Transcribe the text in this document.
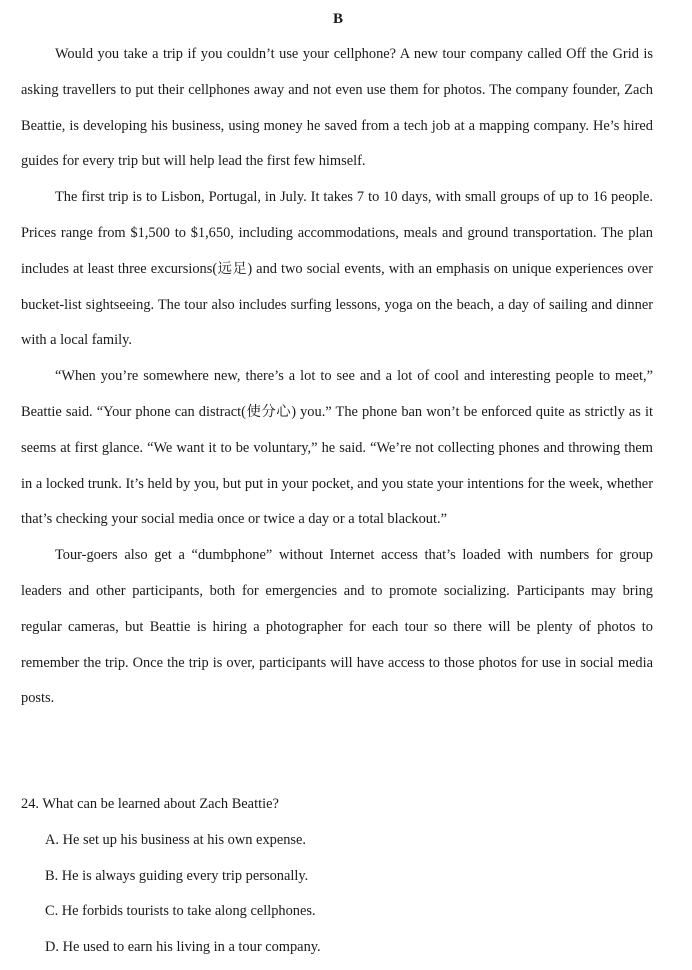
B

Would you take a trip if you couldn’t use your cellphone? A new tour company called Off the Grid is asking travellers to put their cellphones away and not even use them for photos. The company founder, Zach Beattie, is developing his business, using money he saved from a tech job at a mapping company. He’s hired guides for every trip but will help lead the first few himself.

The first trip is to Lisbon, Portugal, in July. It takes 7 to 10 days, with small groups of up to 16 people. Prices range from $1,500 to $1,650, including accommodations, meals and ground transportation. The plan includes at least three excursions(远足) and two social events, with an emphasis on unique experiences over bucket-list sightseeing. The tour also includes surfing lessons, yoga on the beach, a day of sailing and dinner with a local family.

“When you’re somewhere new, there’s a lot to see and a lot of cool and interesting people to meet,” Beattie said. “Your phone can distract(使分心) you.” The phone ban won’t be enforced quite as strictly as it seems at first glance. “We want it to be voluntary,” he said. “We’re not collecting phones and throwing them in a locked trunk. It’s held by you, but put in your pocket, and you state your intentions for the week, whether that’s checking your social media once or twice a day or a total blackout.”

Tour-goers also get a “dumbphone” without Internet access that’s loaded with numbers for group leaders and other participants, both for emergencies and to promote socializing. Participants may bring regular cameras, but Beattie is hiring a photographer for each tour so there will be plenty of photos to remember the trip. Once the trip is over, participants will have access to those photos for use in social media posts.

24. What can be learned about Zach Beattie?

A. He set up his business at his own expense.

B. He is always guiding every trip personally.

C. He forbids tourists to take along cellphones.

D. He used to earn his living in a tour company.
